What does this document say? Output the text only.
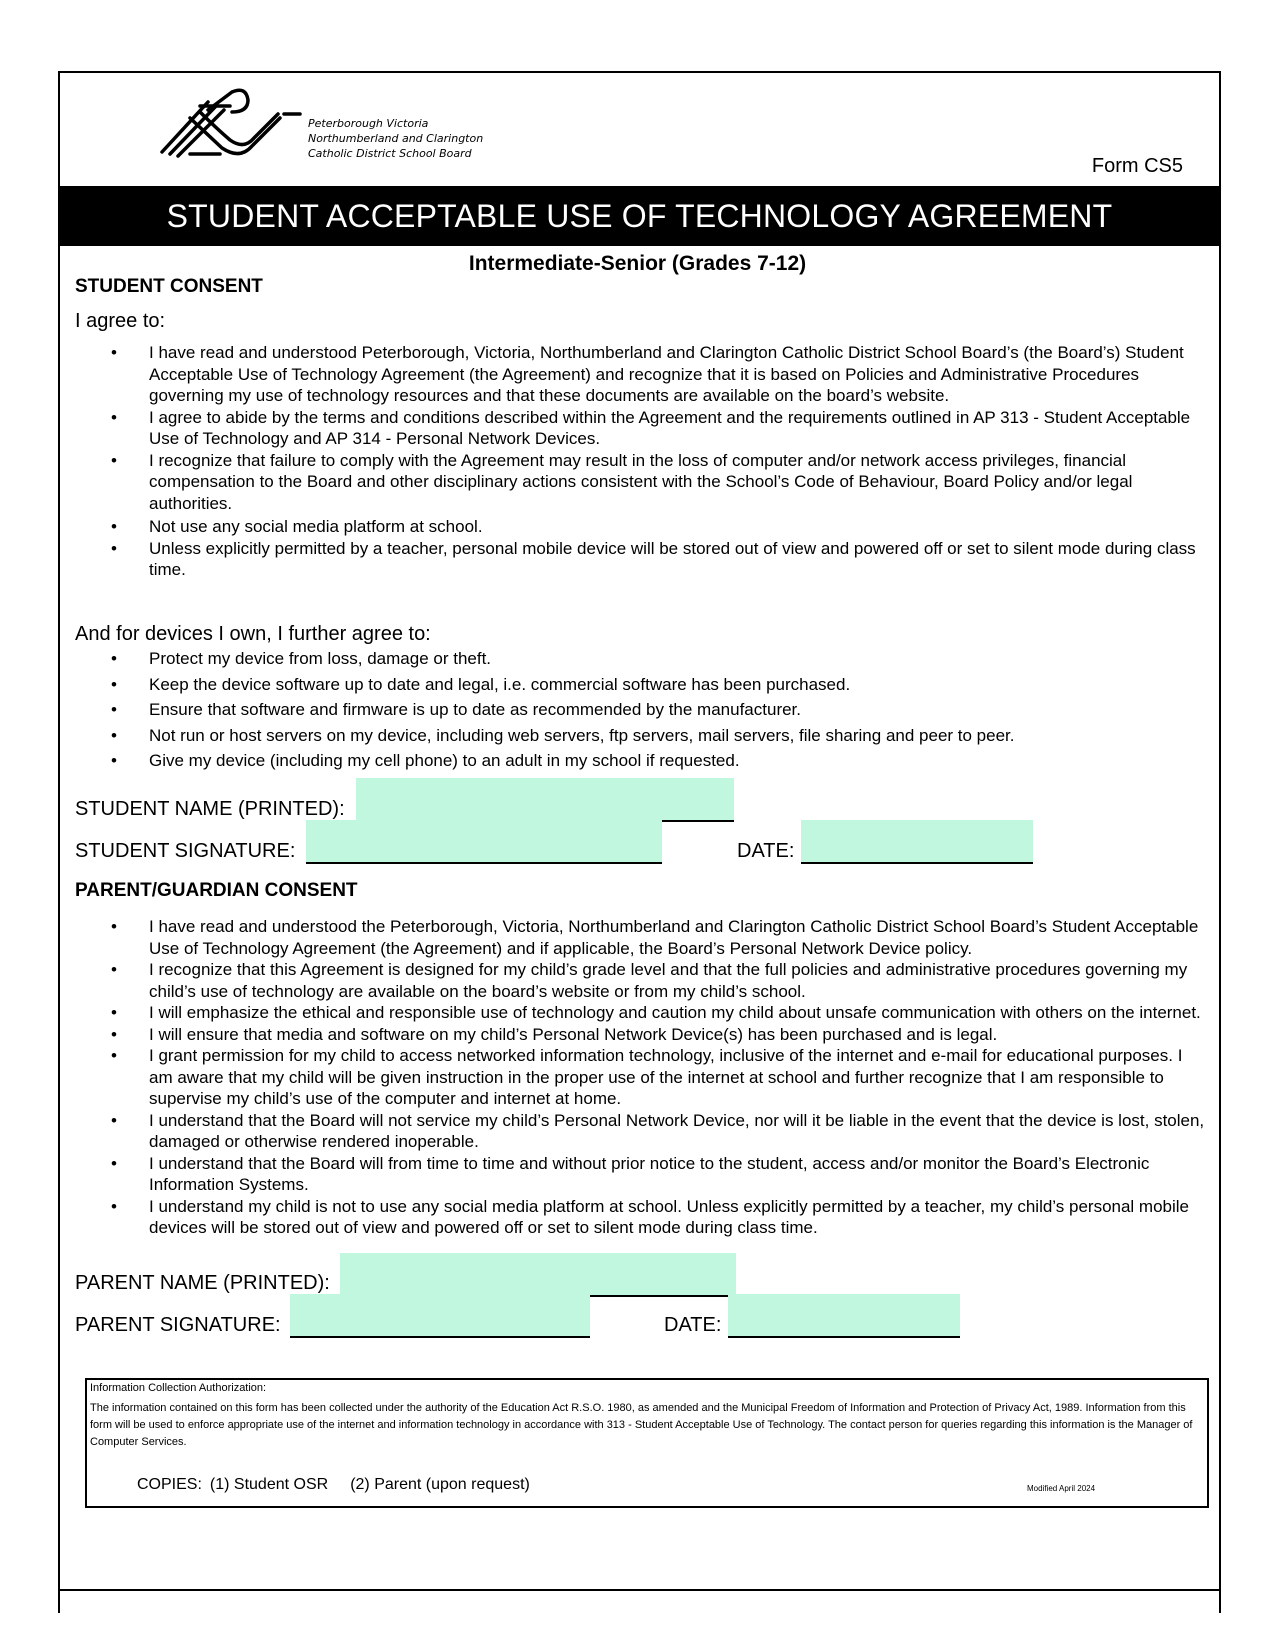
Peterborough Victoria
Northumberland and Clarington
Catholic District School Board
Form CS5
STUDENT ACCEPTABLE USE OF TECHNOLOGY AGREEMENT
Intermediate-Senior (Grades 7-12)
STUDENT CONSENT
I agree to:
• I have read and understood Peterborough, Victoria, Northumberland and Clarington Catholic District School Board’s (the Board’s) Student Acceptable Use of Technology Agreement (the Agreement) and recognize that it is based on Policies and Administrative Procedures governing my use of technology resources and that these documents are available on the board’s website.
• I agree to abide by the terms and conditions described within the Agreement and the requirements outlined in AP 313 - Student Acceptable Use of Technology and AP 314 - Personal Network Devices.
• I recognize that failure to comply with the Agreement may result in the loss of computer and/or network access privileges, financial compensation to the Board and other disciplinary actions consistent with the School’s Code of Behaviour, Board Policy and/or legal authorities.
• Not use any social media platform at school.
• Unless explicitly permitted by a teacher, personal mobile device will be stored out of view and powered off or set to silent mode during class time.
And for devices I own, I further agree to:
• Protect my device from loss, damage or theft.
• Keep the device software up to date and legal, i.e. commercial software has been purchased.
• Ensure that software and firmware is up to date as recommended by the manufacturer.
• Not run or host servers on my device, including web servers, ftp servers, mail servers, file sharing and peer to peer.
• Give my device (including my cell phone) to an adult in my school if requested.
STUDENT NAME (PRINTED):
STUDENT SIGNATURE:	DATE:
PARENT/GUARDIAN CONSENT
• I have read and understood the Peterborough, Victoria, Northumberland and Clarington Catholic District School Board’s Student Acceptable Use of Technology Agreement (the Agreement) and if applicable, the Board’s Personal Network Device policy.
• I recognize that this Agreement is designed for my child’s grade level and that the full policies and administrative procedures governing my child’s use of technology are available on the board’s website or from my child’s school.
• I will emphasize the ethical and responsible use of technology and caution my child about unsafe communication with others on the internet.
• I will ensure that media and software on my child’s Personal Network Device(s) has been purchased and is legal.
• I grant permission for my child to access networked information technology, inclusive of the internet and e-mail for educational purposes. I am aware that my child will be given instruction in the proper use of the internet at school and further recognize that I am responsible to supervise my child’s use of the computer and internet at home.
• I understand that the Board will not service my child’s Personal Network Device, nor will it be liable in the event that the device is lost, stolen, damaged or otherwise rendered inoperable.
• I understand that the Board will from time to time and without prior notice to the student, access and/or monitor the Board’s Electronic Information Systems.
• I understand my child is not to use any social media platform at school. Unless explicitly permitted by a teacher, my child’s personal mobile devices will be stored out of view and powered off or set to silent mode during class time.
PARENT NAME (PRINTED):
PARENT SIGNATURE:	DATE:
Information Collection Authorization:
The information contained on this form has been collected under the authority of the Education Act R.S.O. 1980, as amended and the Municipal Freedom of Information and Protection of Privacy Act, 1989. Information from this form will be used to enforce appropriate use of the internet and information technology in accordance with 313 - Student Acceptable Use of Technology. The contact person for queries regarding this information is the Manager of Computer Services.
COPIES: (1) Student OSR (2) Parent (upon request)	Modified April 2024
